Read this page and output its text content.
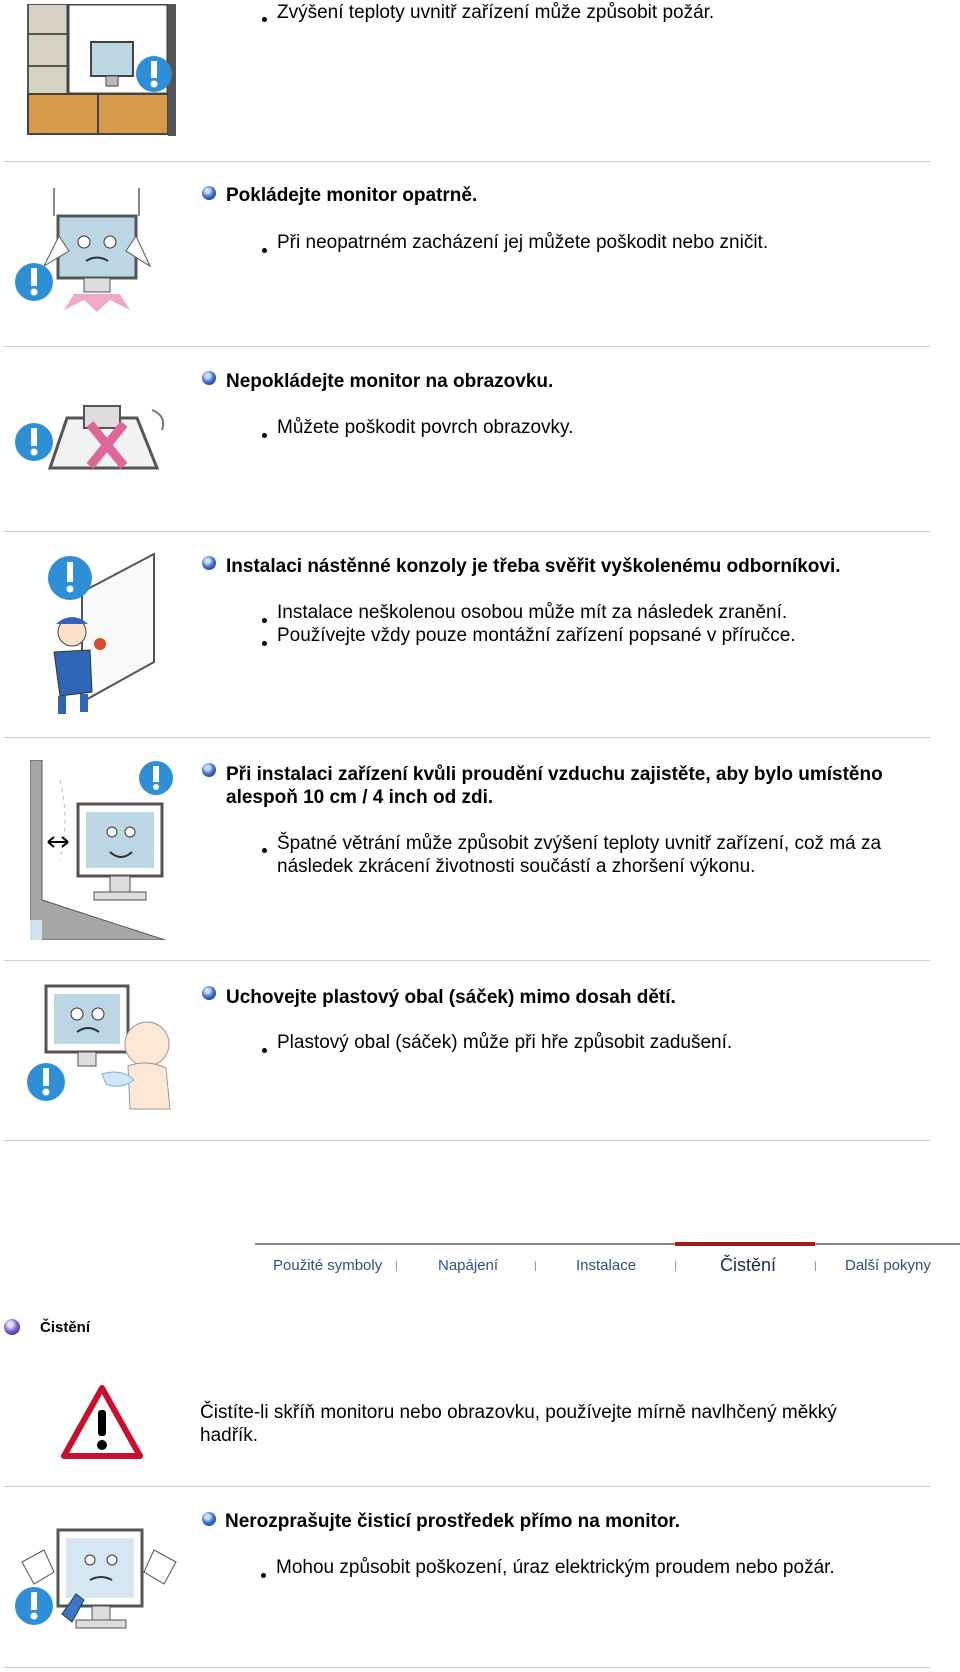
Zvýšení teploty uvnitř zařízení může způsobit požár.
Pokládejte monitor opatrně.
Při neopatrném zacházení jej můžete poškodit nebo zničit.
Nepokládejte monitor na obrazovku.
Můžete poškodit povrch obrazovky.
Instalaci nástěnné konzoly je třeba svěřit vyškolenému odborníkovi.
Instalace neškolenou osobou může mít za následek zranění.
Používejte vždy pouze montážní zařízení popsané v příručce.
Při instalaci zařízení kvůli proudění vzduchu zajistěte, aby bylo umístěno
alespoň 10 cm / 4 inch od zdi.
Špatné větrání může způsobit zvýšení teploty uvnitř zařízení, což má za
následek zkrácení životnosti součástí a zhoršení výkonu.
Uchovejte plastový obal (sáček) mimo dosah dětí.
Plastový obal (sáček) může při hře způsobit zadušení.
Použité symboly	Napájení	Instalace	Čistění	Další pokyny
Čistění
Čistíte-li skříň monitoru nebo obrazovku, používejte mírně navlhčený měkký
hadřík.
Nerozprašujte čisticí prostředek přímo na monitor.
Mohou způsobit poškození, úraz elektrickým proudem nebo požár.
